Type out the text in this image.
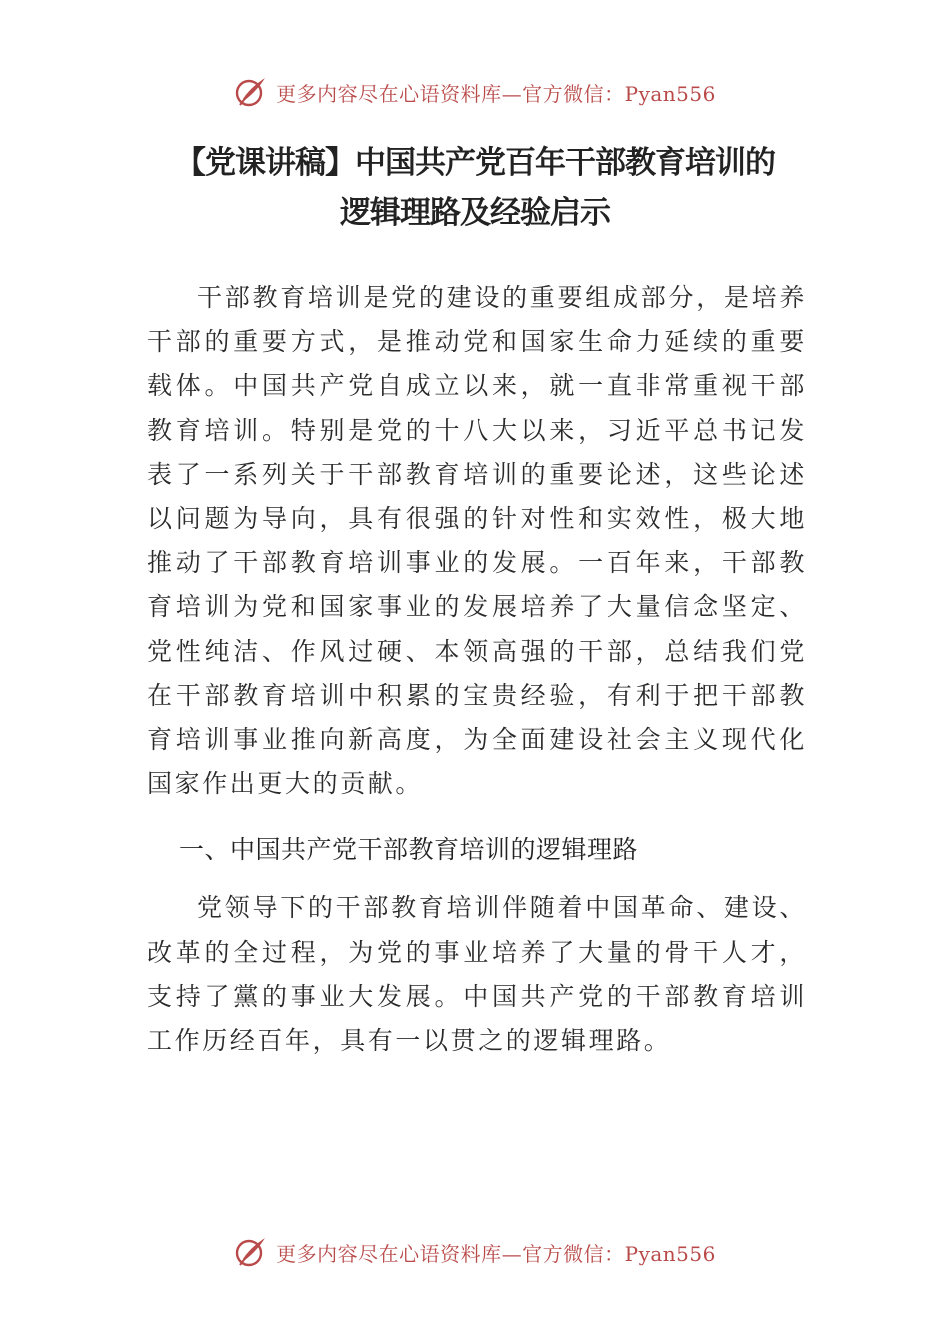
更多内容尽在心语资料库—官方微信：Pyan556
【党课讲稿】中国共产党百年干部教育培训的
逻辑理路及经验启示

干部教育培训是党的建设的重要组成部分，是培养干部的重要方式，是推动党和国家生命力延续的重要载体。中国共产党自成立以来，就一直非常重视干部教育培训。特别是党的十八大以来，习近平总书记发表了一系列关于干部教育培训的重要论述，这些论述以问题为导向，具有很强的针对性和实效性，极大地推动了干部教育培训事业的发展。一百年来，干部教育培训为党和国家事业的发展培养了大量信念坚定、党性纯洁、作风过硬、本领高强的干部，总结我们党在干部教育培训中积累的宝贵经验，有利于把干部教育培训事业推向新高度，为全面建设社会主义现代化国家作出更大的贡献。

一、中国共产党干部教育培训的逻辑理路

党领导下的干部教育培训伴随着中国革命、建设、改革的全过程，为党的事业培养了大量的骨干人才，支持了黨的事业大发展。中国共产党的干部教育培训工作历经百年，具有一以贯之的逻辑理路。

更多内容尽在心语资料库—官方微信：Pyan556
